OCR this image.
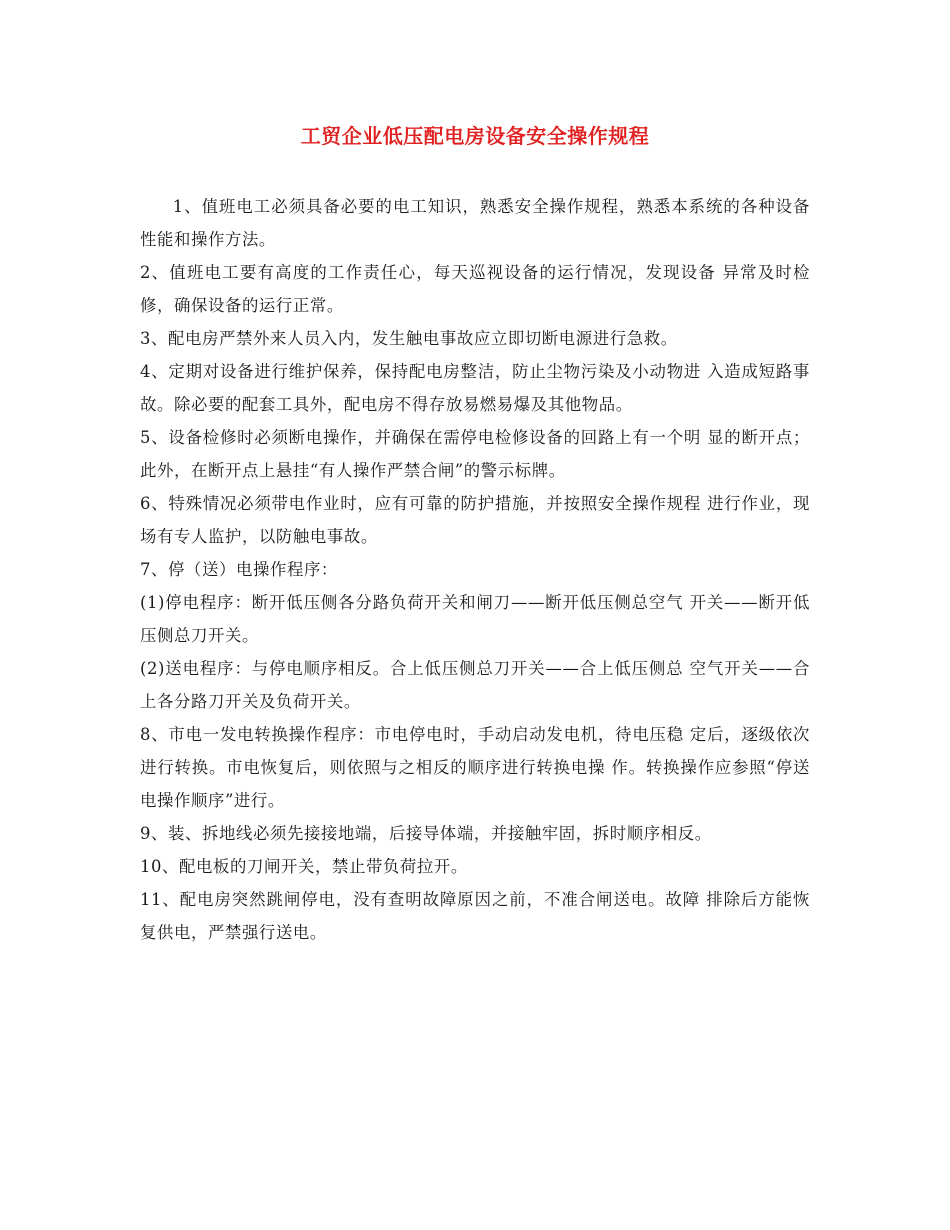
工贸企业低压配电房设备安全操作规程

1、值班电工必须具备必要的电工知识，熟悉安全操作规程，熟悉本系统的各种设备性能和操作方法。

2、值班电工要有高度的工作责任心，每天巡视设备的运行情况，发现设备 异常及时检修，确保设备的运行正常。

3、配电房严禁外来人员入内，发生触电事故应立即切断电源进行急救。

4、定期对设备进行维护保养，保持配电房整洁，防止尘物污染及小动物进 入造成短路事故。除必要的配套工具外，配电房不得存放易燃易爆及其他物品。

5、设备检修时必须断电操作，并确保在需停电检修设备的回路上有一个明 显的断开点；此外，在断开点上悬挂“有人操作严禁合闸”的警示标牌。

6、特殊情况必须带电作业时，应有可靠的防护措施，并按照安全操作规程 进行作业，现场有专人监护，以防触电事故。

7、停（送）电操作程序：

(1)停电程序：断开低压侧各分路负荷开关和闸刀——断开低压侧总空气 开关——断开低压侧总刀开关。

(2)送电程序：与停电顺序相反。合上低压侧总刀开关——合上低压侧总 空气开关——合上各分路刀开关及负荷开关。

8、市电一发电转换操作程序：市电停电时，手动启动发电机，待电压稳 定后，逐级依次进行转换。市电恢复后，则依照与之相反的顺序进行转换电操 作。转换操作应参照“停送电操作顺序”进行。

9、装、拆地线必须先接接地端，后接导体端，并接触牢固，拆时顺序相反。

10、配电板的刀闸开关，禁止带负荷拉开。

11、配电房突然跳闸停电，没有查明故障原因之前，不准合闸送电。故障 排除后方能恢复供电，严禁强行送电。
